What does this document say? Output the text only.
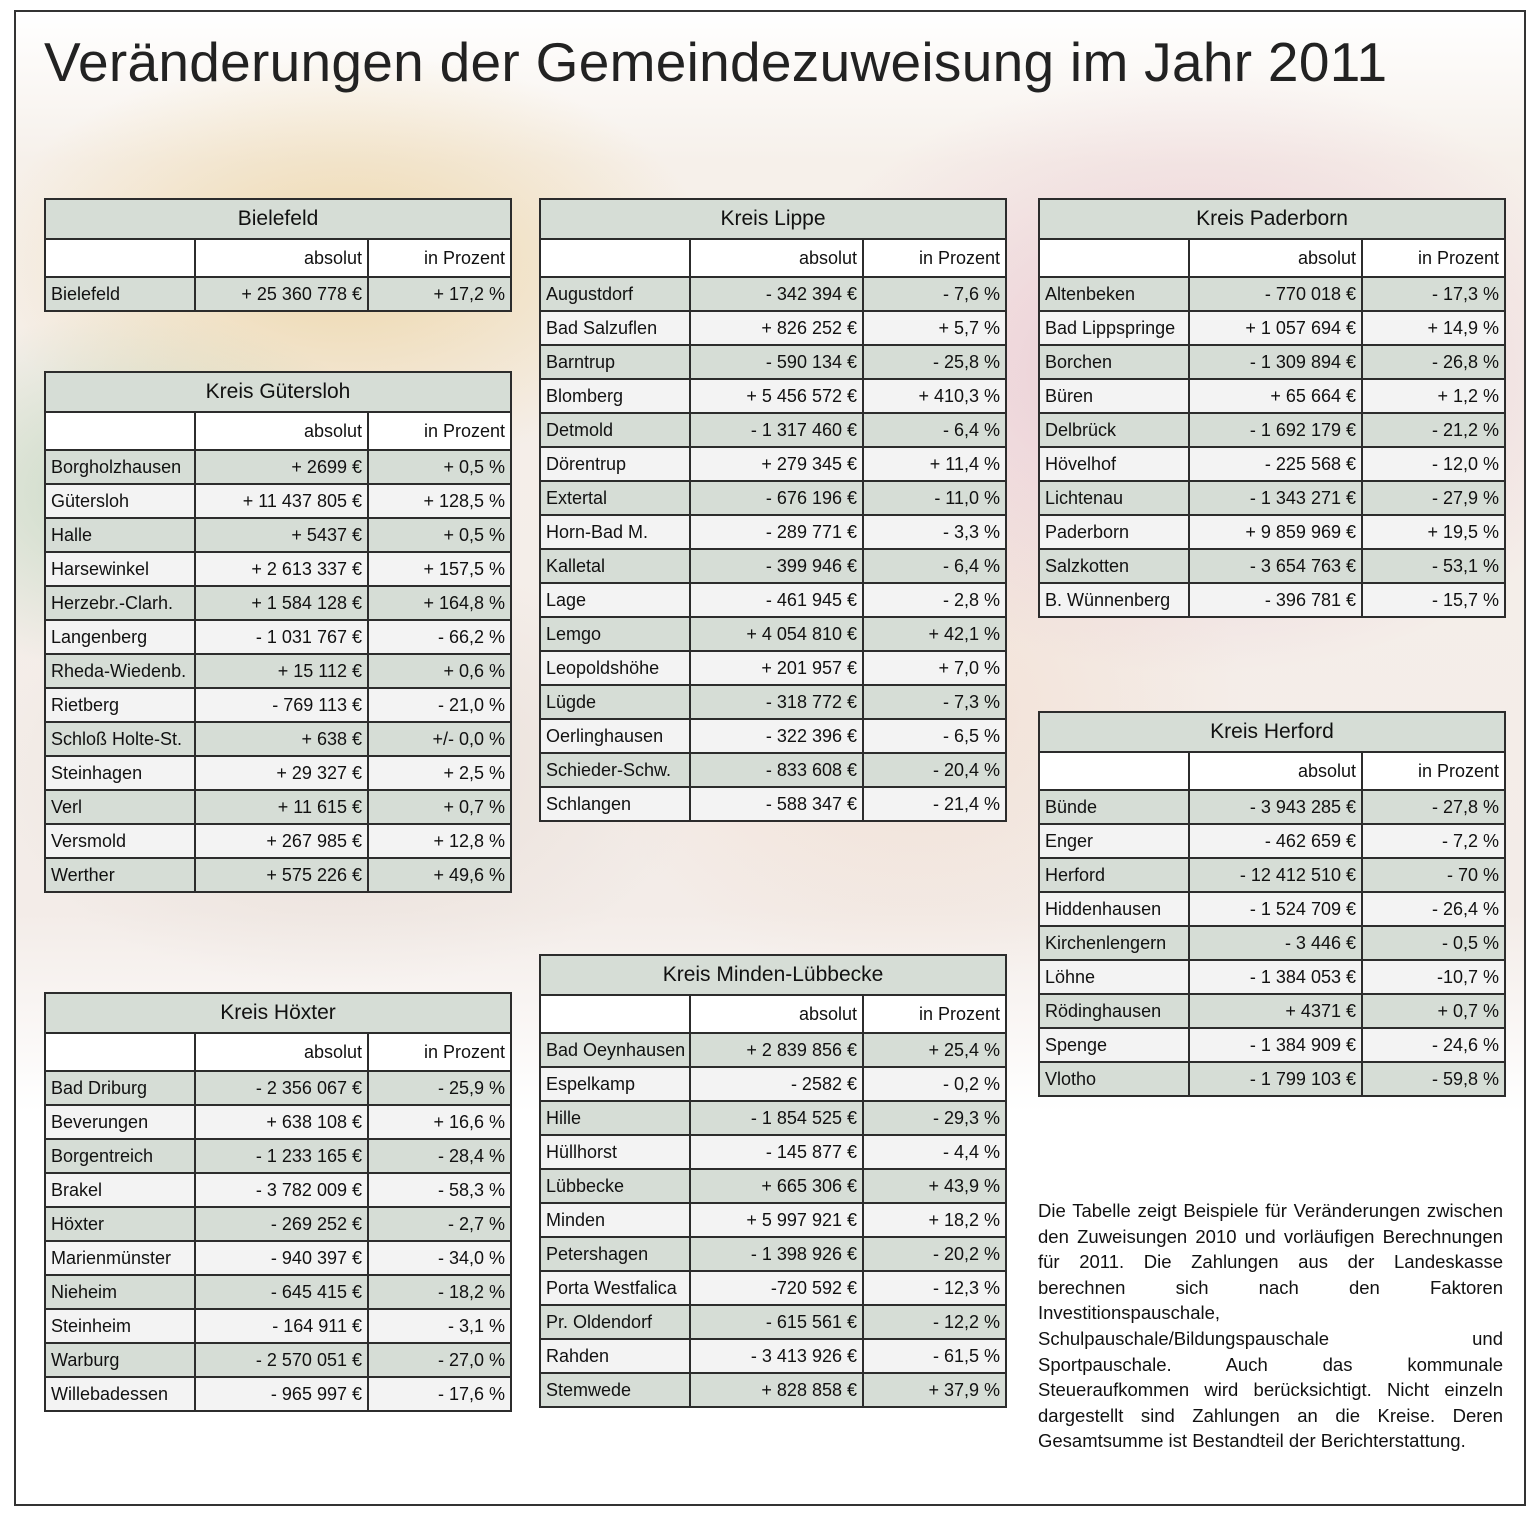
Veränderungen der Gemeindezuweisung im Jahr 2011
Bielefeld		
	absolut	in Prozent
Bielefeld	+ 25 360 778 €	+ 17,2 %
Kreis Gütersloh		
	absolut	in Prozent
Borgholzhausen	+ 2699 €	+ 0,5 %
Gütersloh	+ 11 437 805 €	+ 128,5 %
Halle	+ 5437 €	+ 0,5 %
Harsewinkel	+ 2 613 337 €	+ 157,5 %
Herzebr.-Clarh.	+ 1 584 128 €	+ 164,8 %
Langenberg	- 1 031 767 €	- 66,2 %
Rheda-Wiedenb.	+ 15 112 €	+ 0,6 %
Rietberg	- 769 113 €	- 21,0 %
Schloß Holte-St.	+ 638 €	+/- 0,0 %
Steinhagen	+ 29 327 €	+ 2,5 %
Verl	+ 11 615 €	+ 0,7 %
Versmold	+ 267 985 €	+ 12,8 %
Werther	+ 575 226 €	+ 49,6 %
Kreis Höxter		
	absolut	in Prozent
Bad Driburg	- 2 356 067 €	- 25,9 %
Beverungen	+ 638 108 €	+ 16,6 %
Borgentreich	- 1 233 165 €	- 28,4 %
Brakel	- 3 782 009 €	- 58,3 %
Höxter	- 269 252 €	- 2,7 %
Marienmünster	- 940 397 €	- 34,0 %
Nieheim	- 645 415 €	- 18,2 %
Steinheim	- 164 911 €	- 3,1 %
Warburg	- 2 570 051 €	- 27,0 %
Willebadessen	- 965 997 €	- 17,6 %
Kreis Lippe		
	absolut	in Prozent
Augustdorf	- 342 394 €	- 7,6 %
Bad Salzuflen	+ 826 252 €	+ 5,7 %
Barntrup	- 590 134 €	- 25,8 %
Blomberg	+ 5 456 572 €	+ 410,3 %
Detmold	- 1 317 460 €	- 6,4 %
Dörentrup	+ 279 345 €	+ 11,4 %
Extertal	- 676 196 €	- 11,0 %
Horn-Bad M.	- 289 771 €	- 3,3 %
Kalletal	- 399 946 €	- 6,4 %
Lage	- 461 945 €	- 2,8 %
Lemgo	+ 4 054 810 €	+ 42,1 %
Leopoldshöhe	+ 201 957 €	+ 7,0 %
Lügde	- 318 772 €	- 7,3 %
Oerlinghausen	- 322 396 €	- 6,5 %
Schieder-Schw.	- 833 608 €	- 20,4 %
Schlangen	- 588 347 €	- 21,4 %
Kreis Minden-Lübbecke		
	absolut	in Prozent
Bad Oeynhausen	+ 2 839 856 €	+ 25,4 %
Espelkamp	- 2582 €	- 0,2 %
Hille	- 1 854 525 €	- 29,3 %
Hüllhorst	- 145 877 €	- 4,4 %
Lübbecke	+ 665 306 €	+ 43,9 %
Minden	+ 5 997 921 €	+ 18,2 %
Petershagen	- 1 398 926 €	- 20,2 %
Porta Westfalica	-720 592 €	- 12,3 %
Pr. Oldendorf	- 615 561 €	- 12,2 %
Rahden	- 3 413 926 €	- 61,5 %
Stemwede	+ 828 858 €	+ 37,9 %
Kreis Paderborn		
	absolut	in Prozent
Altenbeken	- 770 018 €	- 17,3 %
Bad Lippspringe	+ 1 057 694 €	+ 14,9 %
Borchen	- 1 309 894 €	- 26,8 %
Büren	+ 65 664 €	+ 1,2 %
Delbrück	- 1 692 179 €	- 21,2 %
Hövelhof	- 225 568 €	- 12,0 %
Lichtenau	- 1 343 271 €	- 27,9 %
Paderborn	+ 9 859 969 €	+ 19,5 %
Salzkotten	- 3 654 763 €	- 53,1 %
B. Wünnenberg	- 396 781 €	- 15,7 %
Kreis Herford		
	absolut	in Prozent
Bünde	- 3 943 285 €	- 27,8 %
Enger	- 462 659 €	- 7,2 %
Herford	- 12 412 510 €	- 70 %
Hiddenhausen	- 1 524 709 €	- 26,4 %
Kirchenlengern	- 3 446 €	- 0,5 %
Löhne	- 1 384 053 €	-10,7 %
Rödinghausen	+ 4371 €	+ 0,7 %
Spenge	- 1 384 909 €	- 24,6 %
Vlotho	- 1 799 103 €	- 59,8 %

Die Tabelle zeigt Beispiele für Veränderungen zwischen den Zuweisungen 2010 und vorläufigen Berechnungen für 2011. Die Zahlungen aus der Landeskasse berechnen sich nach den Faktoren Investitionspauschale, Schulpauschale/Bildungspauschale und Sportpauschale. Auch das kommunale Steueraufkommen wird berücksichtigt. Nicht einzeln dargestellt sind Zahlungen an die Kreise. Deren Gesamtsumme ist Bestandteil der Berichterstattung.
